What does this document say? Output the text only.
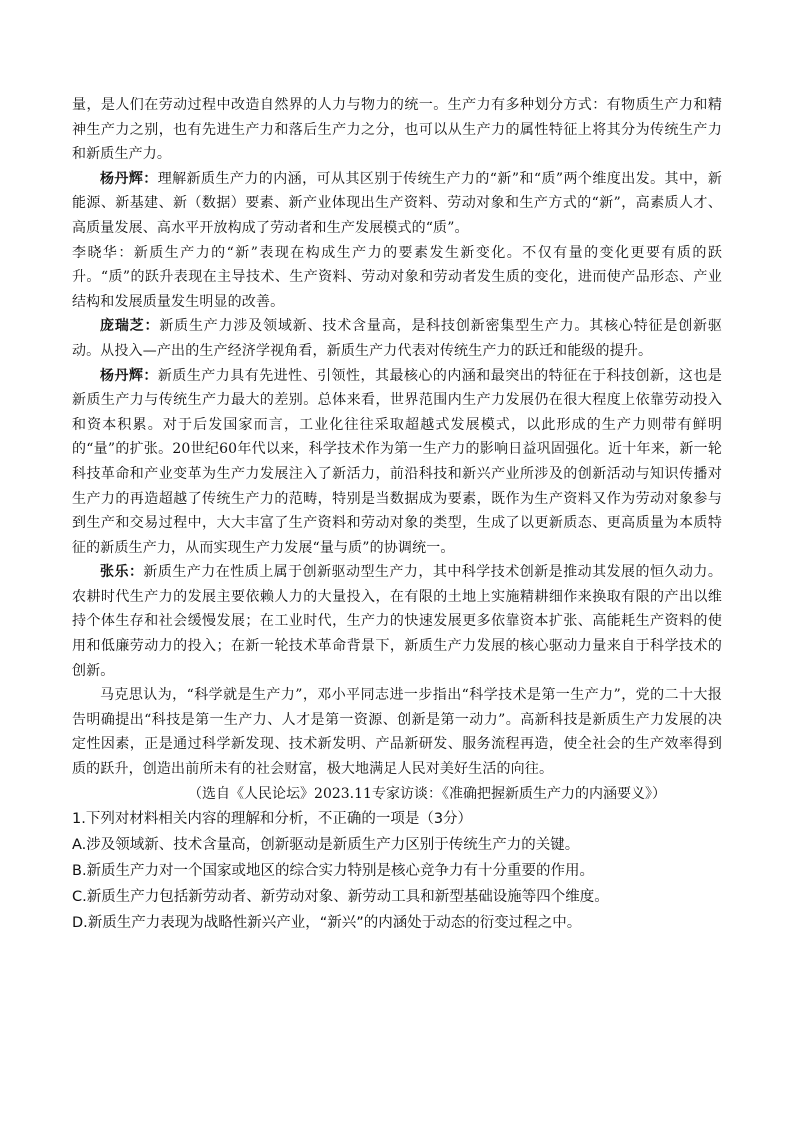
量，是人们在劳动过程中改造自然界的人力与物力的统一。生产力有多种划分方式：有物质生产力和精神生产力之别，也有先进生产力和落后生产力之分，也可以从生产力的属性特征上将其分为传统生产力和新质生产力。

杨丹辉：理解新质生产力的内涵，可从其区别于传统生产力的“新”和“质”两个维度出发。其中，新能源、新基建、新（数据）要素、新产业体现出生产资料、劳动对象和生产方式的“新”，高素质人才、高质量发展、高水平开放构成了劳动者和生产发展模式的“质”。

李晓华：新质生产力的“新”表现在构成生产力的要素发生新变化。不仅有量的变化更要有质的跃升。“质”的跃升表现在主导技术、生产资料、劳动对象和劳动者发生质的变化，进而使产品形态、产业结构和发展质量发生明显的改善。

庞瑞芝：新质生产力涉及领域新、技术含量高，是科技创新密集型生产力。其核心特征是创新驱动。从投入—产出的生产经济学视角看，新质生产力代表对传统生产力的跃迁和能级的提升。

杨丹辉：新质生产力具有先进性、引领性，其最核心的内涵和最突出的特征在于科技创新，这也是新质生产力与传统生产力最大的差别。总体来看，世界范围内生产力发展仍在很大程度上依靠劳动投入和资本积累。对于后发国家而言，工业化往往采取超越式发展模式，以此形成的生产力则带有鲜明的“量”的扩张。20世纪60年代以来，科学技术作为第一生产力的影响日益巩固强化。近十年来，新一轮科技革命和产业变革为生产力发展注入了新活力，前沿科技和新兴产业所涉及的创新活动与知识传播对生产力的再造超越了传统生产力的范畴，特别是当数据成为要素，既作为生产资料又作为劳动对象参与到生产和交易过程中，大大丰富了生产资料和劳动对象的类型，生成了以更新质态、更高质量为本质特征的新质生产力，从而实现生产力发展“量与质”的协调统一。

张乐：新质生产力在性质上属于创新驱动型生产力，其中科学技术创新是推动其发展的恒久动力。农耕时代生产力的发展主要依赖人力的大量投入，在有限的土地上实施精耕细作来换取有限的产出以维持个体生存和社会缓慢发展；在工业时代，生产力的快速发展更多依靠资本扩张、高能耗生产资料的使用和低廉劳动力的投入；在新一轮技术革命背景下，新质生产力发展的核心驱动力量来自于科学技术的创新。

马克思认为，“科学就是生产力”，邓小平同志进一步指出“科学技术是第一生产力”，党的二十大报告明确提出“科技是第一生产力、人才是第一资源、创新是第一动力”。高新科技是新质生产力发展的决定性因素，正是通过科学新发现、技术新发明、产品新研发、服务流程再造，使全社会的生产效率得到质的跃升，创造出前所未有的社会财富，极大地满足人民对美好生活的向往。

（选自《人民论坛》2023.11专家访谈：《准确把握新质生产力的内涵要义》）

1.下列对材料相关内容的理解和分析，不正确的一项是（3分）

A.涉及领域新、技术含量高，创新驱动是新质生产力区别于传统生产力的关键。

B.新质生产力对一个国家或地区的综合实力特别是核心竞争力有十分重要的作用。

C.新质生产力包括新劳动者、新劳动对象、新劳动工具和新型基础设施等四个维度。

D.新质生产力表现为战略性新兴产业，“新兴”的内涵处于动态的衍变过程之中。
